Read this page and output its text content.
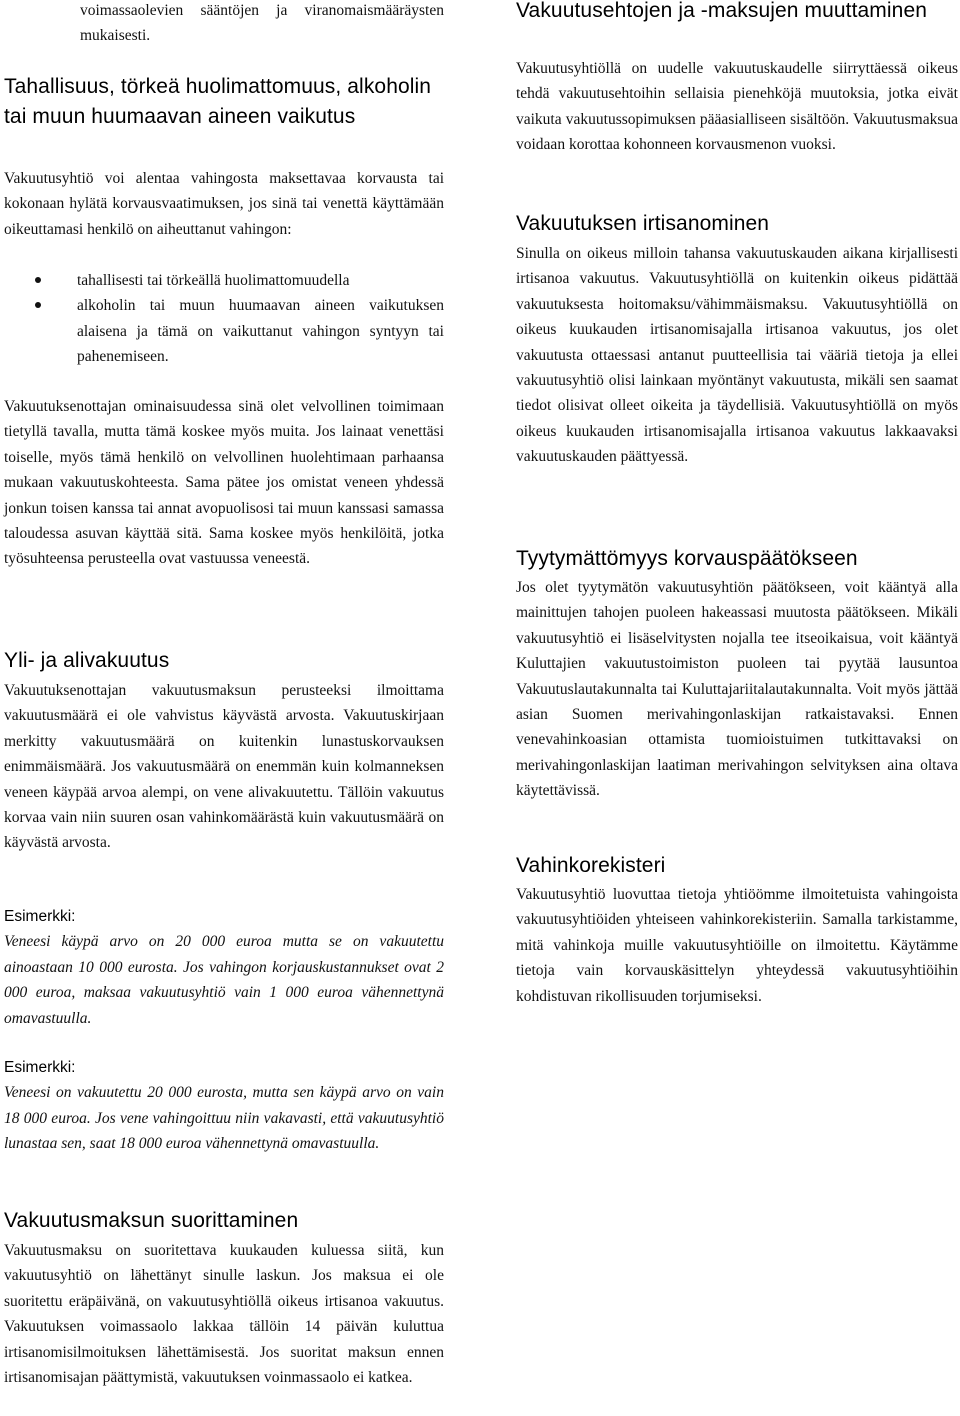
voimassaolevien sääntöjen ja viranomaismääräysten mukaisesti.

Tahallisuus, törkeä huolimattomuus, alkoholin tai muun huumaavan aineen vaikutus

Vakuutusyhtiö voi alentaa vahingosta maksettavaa korvausta tai kokonaan hylätä korvausvaatimuksen, jos sinä tai venettä käyttämään oikeuttamasi henkilö on aiheuttanut vahingon:

tahallisesti tai törkeällä huolimattomuudella
alkoholin tai muun huumaavan aineen vaikutuksen alaisena ja tämä on vaikuttanut vahingon syntyyn tai pahenemiseen.

Vakuutuksenottajan ominaisuudessa sinä olet velvollinen toimimaan tietyllä tavalla, mutta tämä koskee myös muita. Jos lainaat venettäsi toiselle, myös tämä henkilö on velvollinen huolehtimaan parhaansa mukaan vakuutuskohteesta. Sama pätee jos omistat veneen yhdessä jonkun toisen kanssa tai annat avopuolisosi tai muun kanssasi samassa taloudessa asuvan käyttää sitä. Sama koskee myös henkilöitä, jotka työsuhteensa perusteella ovat vastuussa veneestä.

Yli- ja alivakuutus

Vakuutuksenottajan vakuutusmaksun perusteeksi ilmoittama vakuutusmäärä ei ole vahvistus käyvästä arvosta. Vakuutuskirjaan merkitty vakuutusmäärä on kuitenkin lunastuskorvauksen enimmäismäärä. Jos vakuutusmäärä on enemmän kuin kolmanneksen veneen käypää arvoa alempi, on vene alivakuutettu. Tällöin vakuutus korvaa vain niin suuren osan vahinkomäärästä kuin vakuutusmäärä on käyvästä arvosta.

Esimerkki:

Veneesi käypä arvo on 20 000 euroa mutta se on vakuutettu ainoastaan 10 000 eurosta. Jos vahingon korjauskustannukset ovat 2 000 euroa, maksaa vakuutusyhtiö vain 1 000 euroa vähennettynä omavastuulla.

Esimerkki:

Veneesi on vakuutettu 20 000 eurosta, mutta sen käypä arvo on vain 18 000 euroa. Jos vene vahingoittuu niin vakavasti, että vakuutusyhtiö lunastaa sen, saat 18 000 euroa vähennettynä omavastuulla.

Vakuutusmaksun suorittaminen

Vakuutusmaksu on suoritettava kuukauden kuluessa siitä, kun vakuutusyhtiö on lähettänyt sinulle laskun. Jos maksua ei ole suoritettu eräpäivänä, on vakuutusyhtiöllä oikeus irtisanoa vakuutus. Vakuutuksen voimassaolo lakkaa tällöin 14 päivän kuluttua irtisanomisilmoituksen lähettämisestä. Jos suoritat maksun ennen irtisanomisajan päättymistä, vakuutuksen voinmassaolo ei katkea.

Vakuutusehtojen ja -maksujen muuttaminen

Vakuutusyhtiöllä on uudelle vakuutuskaudelle siirryttäessä oikeus tehdä vakuutusehtoihin sellaisia pienehköjä muutoksia, jotka eivät vaikuta vakuutussopimuksen pääasialliseen sisältöön. Vakuutusmaksua voidaan korottaa kohonneen korvausmenon vuoksi.

Vakuutuksen irtisanominen

Sinulla on oikeus milloin tahansa vakuutuskauden aikana kirjallisesti irtisanoa vakuutus. Vakuutusyhtiöllä on kuitenkin oikeus pidättää vakuutuksesta hoitomaksu/vähimmäismaksu. Vakuutusyhtiöllä on oikeus kuukauden irtisanomisajalla irtisanoa vakuutus, jos olet vakuutusta ottaessasi antanut puutteellisia tai vääriä tietoja ja ellei vakuutusyhtiö olisi lainkaan myöntänyt vakuutusta, mikäli sen saamat tiedot olisivat olleet oikeita ja täydellisiä. Vakuutusyhtiöllä on myös oikeus kuukauden irtisanomisajalla irtisanoa vakuutus lakkaavaksi vakuutuskauden päättyessä.

Tyytymättömyys korvauspäätökseen

Jos olet tyytymätön vakuutusyhtiön päätökseen, voit kääntyä alla mainittujen tahojen puoleen hakeassasi muutosta päätökseen. Mikäli vakuutusyhtiö ei lisäselvitysten nojalla tee itseoikaisua, voit kääntyä Kuluttajien vakuutustoimiston puoleen tai pyytää lausuntoa Vakuutuslautakunnalta tai Kuluttajariitalautakunnalta. Voit myös jättää asian Suomen merivahingonlaskijan ratkaistavaksi. Ennen venevahinkoasian ottamista tuomioistuimen tutkittavaksi on merivahingonlaskijan laatiman merivahingon selvityksen aina oltava käytettävissä.

Vahinkorekisteri

Vakuutusyhtiö luovuttaa tietoja yhtiöömme ilmoitetuista vahingoista vakuutusyhtiöiden yhteiseen vahinkorekisteriin. Samalla tarkistamme, mitä vahinkoja muille vakuutusyhtiöille on ilmoitettu. Käytämme tietoja vain korvauskäsittelyn yhteydessä vakuutusyhtiöihin kohdistuvan rikollisuuden torjumiseksi.
